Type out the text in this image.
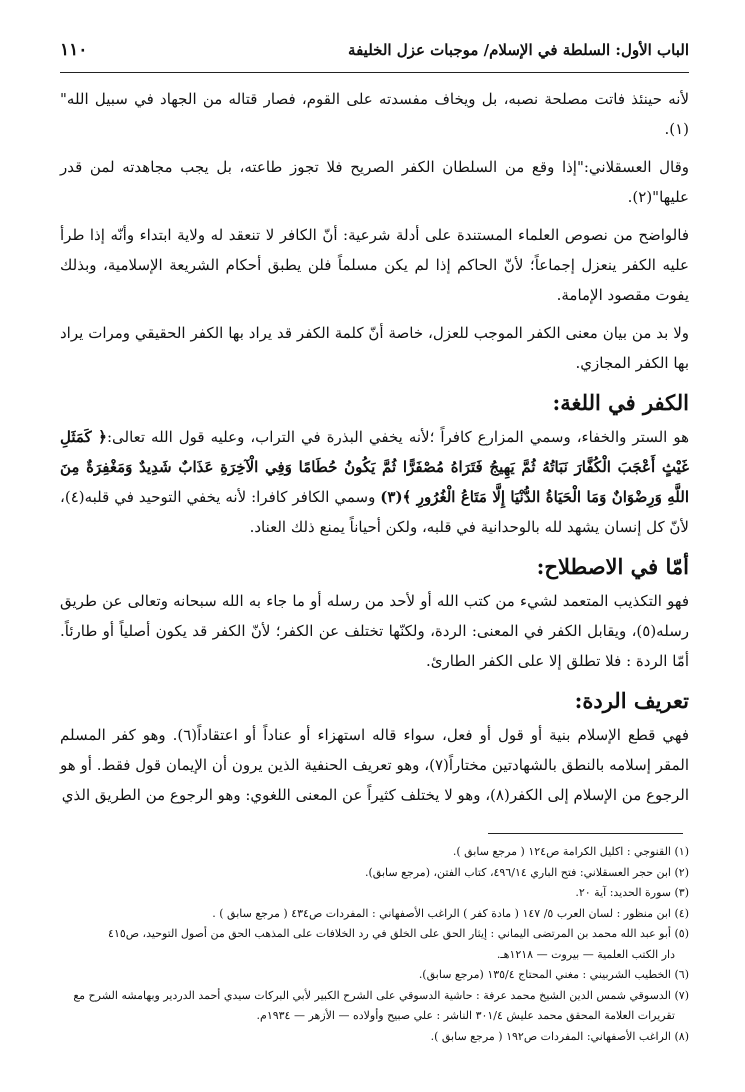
الباب الأول: السلطة في الإسلام/ موجبات عزل الخليفة
١١٠

لأنه حينئذ فاتت مصلحة نصبه، بل ويخاف مفسدته على القوم، فصار قتاله من الجهاد في سبيل الله"(١).

وقال العسقلاني:"إذا وقع من السلطان الكفر الصريح فلا تجوز طاعته، بل يجب مجاهدته لمن قدر عليها"(٢).

فالواضح من نصوص العلماء المستندة على أدلة شرعية: أنّ الكافر لا تنعقد له ولاية ابتداء وأنّه إذا طرأ عليه الكفر ينعزل إجماعاً؛ لأنّ الحاكم إذا لم يكن مسلماً فلن يطبق أحكام الشريعة الإسلامية، وبذلك يفوت مقصود الإمامة.

ولا بد من بيان معنى الكفر الموجب للعزل، خاصة أنّ كلمة الكفر قد يراد بها الكفر الحقيقي ومرات يراد بها الكفر المجازي.

الكفر في اللغة:

هو الستر والخفاء، وسمي المزارع كافراً ؛لأنه يخفي البذرة في التراب، وعليه قول الله تعالى:﴿ كَمَثَلِ غَيْثٍ أَعْجَبَ الْكُفَّارَ نَبَاتُهُ ثُمَّ يَهِيجُ فَتَرَاهُ مُصْفَرًّا ثُمَّ يَكُونُ حُطَامًا وَفِي الْآخِرَةِ عَذَابٌ شَدِيدٌ وَمَغْفِرَةٌ مِنَ اللَّهِ وَرِضْوَانٌ وَمَا الْحَيَاةُ الدُّنْيَا إِلَّا مَتَاعُ الْغُرُورِ ﴾(٣) وسمي الكافر كافرا: لأنه يخفي التوحيد في قلبه(٤)، لأنّ كل إنسان يشهد لله بالوحدانية في قلبه، ولكن أحياناً يمنع ذلك العناد.

أمّا في الاصطلاح:

فهو التكذيب المتعمد لشيء من كتب الله أو لأحد من رسله أو ما جاء به الله سبحانه وتعالى عن طريق رسله(٥)، ويقابل الكفر في المعنى: الردة، ولكنّها تختلف عن الكفر؛ لأنّ الكفر قد يكون أصلياً أو طارئاً. أمّا الردة : فلا تطلق إلا على الكفر الطارئ.

تعريف الردة:

فهي قطع الإسلام بنية أو قول أو فعل، سواء قاله استهزاء أو عناداً أو اعتقاداً(٦). وهو كفر المسلم المقر إسلامه بالنطق بالشهادتين مختاراً(٧)، وهو تعريف الحنفية الذين يرون أن الإيمان قول فقط. أو هو الرجوع من الإسلام إلى الكفر(٨)، وهو لا يختلف كثيراً عن المعنى اللغوي: وهو الرجوع من الطريق الذي

(١) القنوجي : اكليل الكرامة ص١٢٤ ( مرجع سابق ).
(٢) ابن حجر العسقلاني: فتح الباري ٤٩٦/١٤، كتاب الفتن، (مرجع سابق).
(٣) سورة الحديد: آية ٢٠.
(٤) ابن منظور : لسان العرب ٥/ ١٤٧ ( مادة كفر ) الراغب الأصفهاني : المفردات ص٤٣٤ ( مرجع سابق ) .
(٥) أبو عبد الله محمد بن المرتضى اليماني : إيثار الحق على الخلق في رد الخلافات على المذهب الحق من أصول التوحيد، ص٤١٥
دار الكتب العلمية — بيروت — ١٢١٨هـ.
(٦) الخطيب الشربيني : مغني المحتاج ١٣٥/٤ (مرجع سابق).
(٧) الدسوقي شمس الدين الشيخ محمد عرفة : حاشية الدسوقي على الشرح الكبير لأبي البركات سيدي أحمد الدردير وبهامشه الشرح مع
تقريرات العلامة المحقق محمد عليش ٣٠١/٤ الناشر : علي صبيح وأولاده — الأزهر — ١٩٣٤م.
(٨) الراغب الأصفهاني: المفردات ص١٩٢ ( مرجع سابق ).
